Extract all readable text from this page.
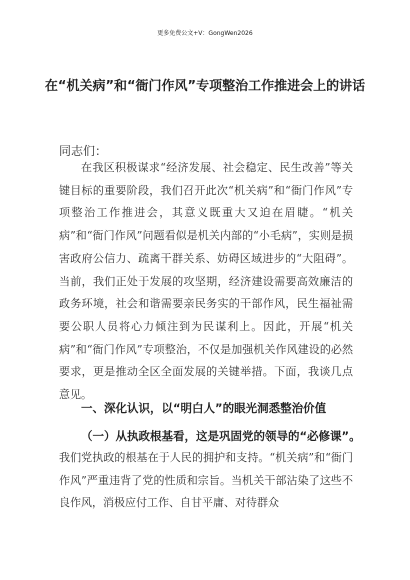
更多免费公文+V：GongWen2026
在“机关病”和“衙门作风”专项整治工作推进会上的讲话
同志们：

在我区积极谋求“经济发展、社会稳定、民生改善”等关键目标的重要阶段，我们召开此次“机关病”和“衙门作风”专项整治工作推进会，其意义既重大又迫在眉睫。“机关病”和“衙门作风”问题看似是机关内部的“小毛病”，实则是损害政府公信力、疏离干群关系、妨碍区域进步的“大阻碍”。当前，我们正处于发展的攻坚期，经济建设需要高效廉洁的政务环境，社会和谐需要亲民务实的干部作风，民生福祉需要公职人员将心力倾注到为民谋利上。因此，开展“机关病”和“衙门作风”专项整治，不仅是加强机关作风建设的必然要求，更是推动全区全面发展的关键举措。下面，我谈几点意见。

一、深化认识，以“明白人”的眼光洞悉整治价值
（一）从执政根基看，这是巩固党的领导的“必修课”。
我们党执政的根基在于人民的拥护和支持。“机关病”和“衙门作风”严重违背了党的性质和宗旨。当机关干部沾染了这些不良作风，消极应付工作、自甘平庸、对待群众
